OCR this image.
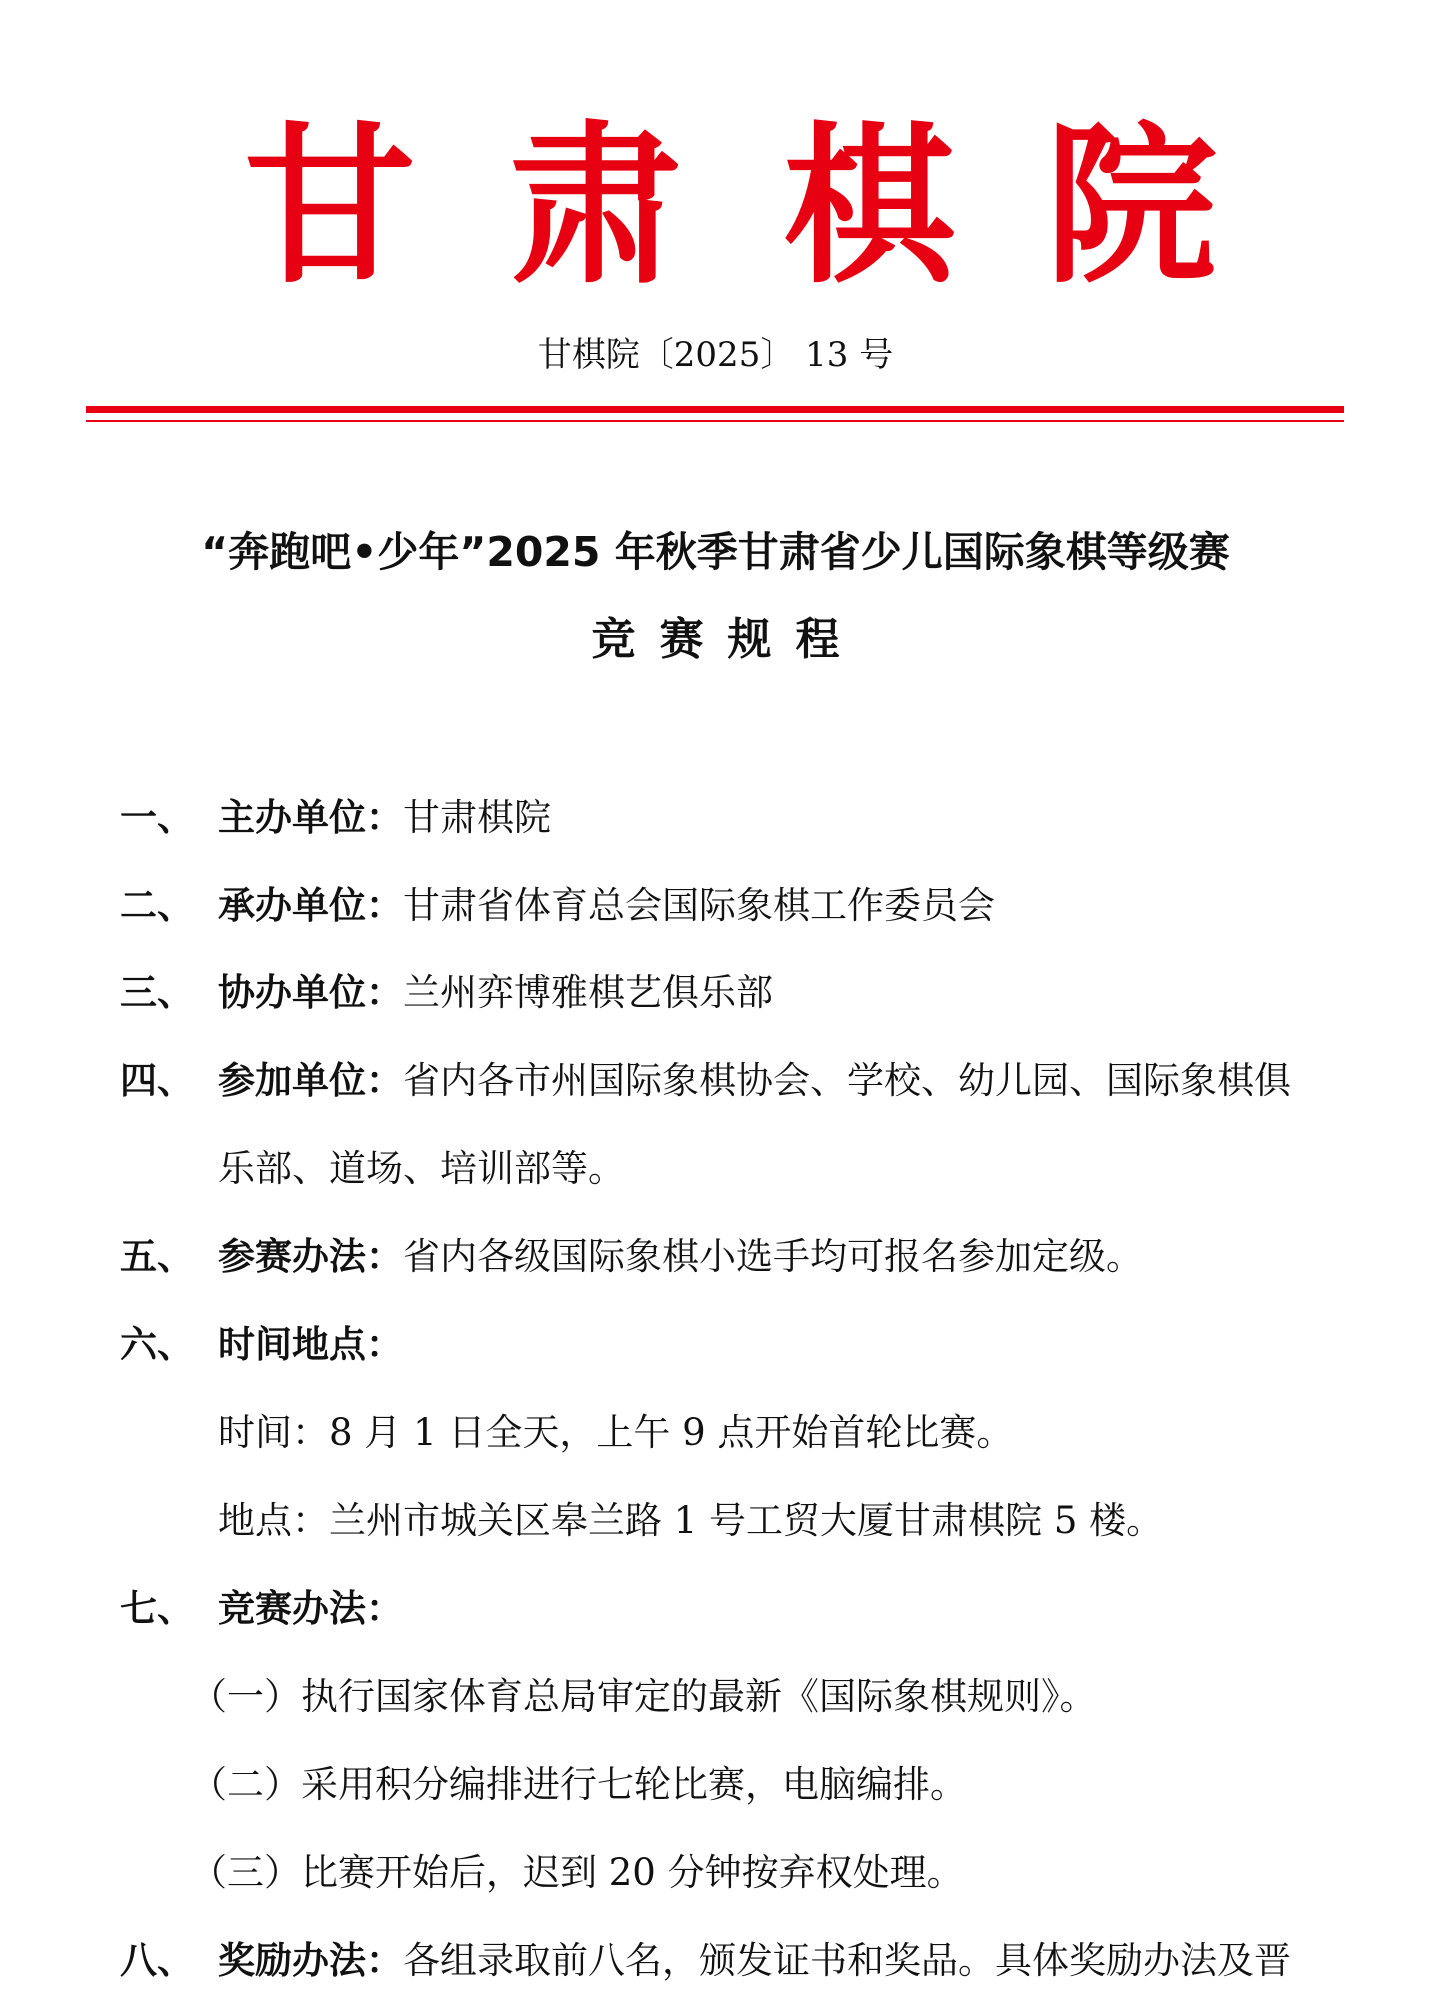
甘 肃 棋 院
甘棋院〔2025〕 13 号
“奔跑吧•少年”2025 年秋季甘肃省少儿国际象棋等级赛
竞赛规程
一、 主办单位：甘肃棋院
二、 承办单位：甘肃省体育总会国际象棋工作委员会
三、 协办单位：兰州弈博雅棋艺俱乐部
四、 参加单位：省内各市州国际象棋协会、学校、幼儿园、国际象棋俱
乐部、道场、培训部等。
五、 参赛办法：省内各级国际象棋小选手均可报名参加定级。
六、 时间地点：
时间：8 月 1 日全天，上午 9 点开始首轮比赛。
地点：兰州市城关区皋兰路 1 号工贸大厦甘肃棋院 5 楼。
七、 竞赛办法：
（一）执行国家体育总局审定的最新《国际象棋规则》。
（二）采用积分编排进行七轮比赛，电脑编排。
（三）比赛开始后，迟到 20 分钟按弃权处理。
八、 奖励办法：各组录取前八名，颁发证书和奖品。具体奖励办法及晋
